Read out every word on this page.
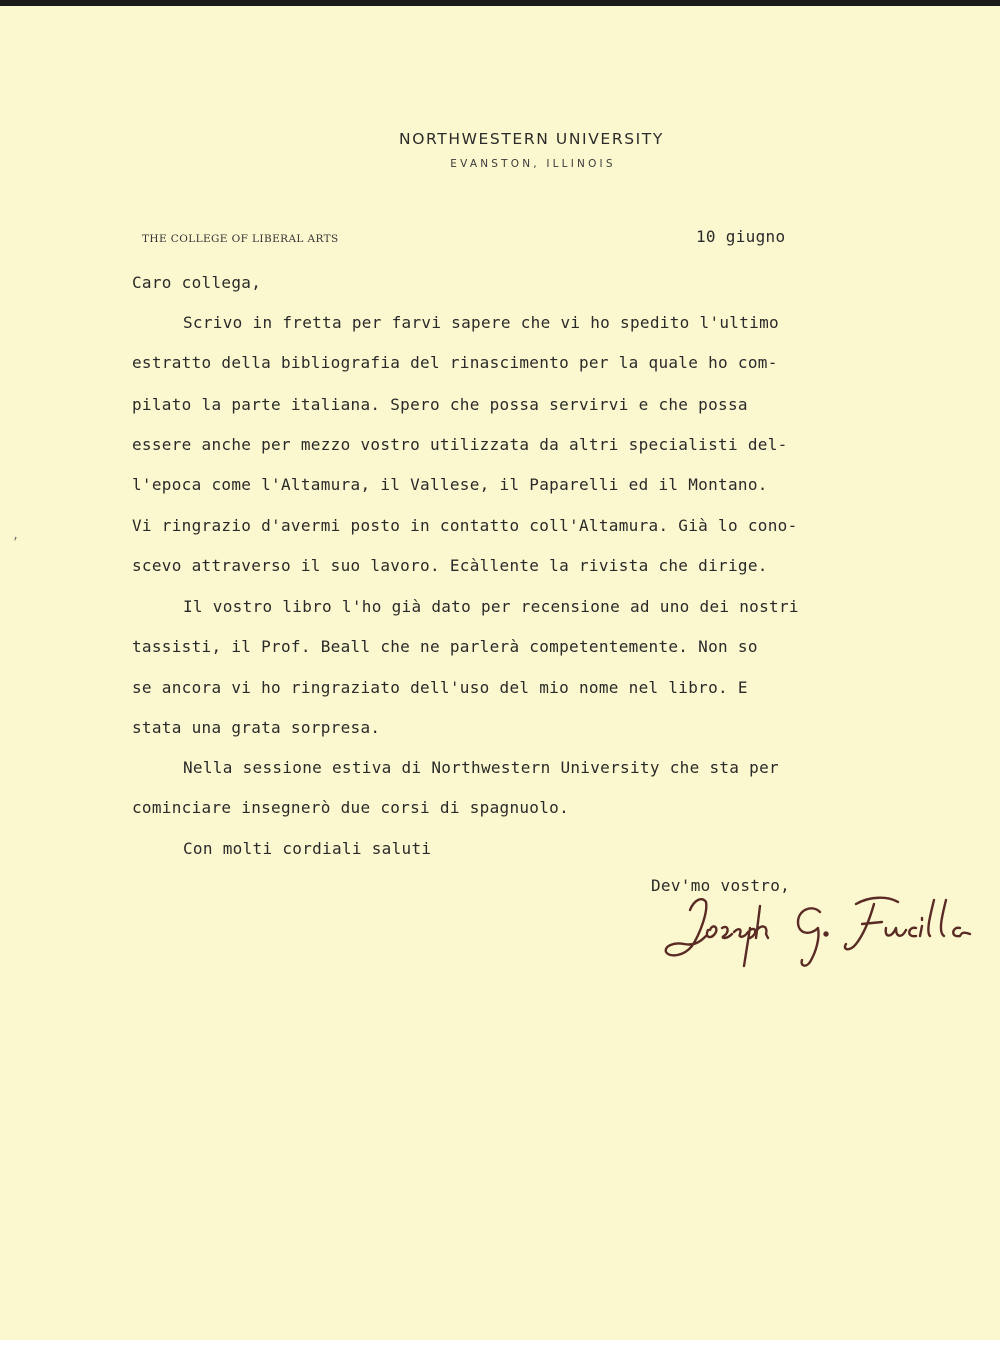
NORTHWESTERN UNIVERSITY
EVANSTON, ILLINOIS
THE COLLEGE OF LIBERAL ARTS	10 giugno
Caro collega,
Scrivo in fretta per farvi sapere che vi ho spedito l'ultimo
estratto della bibliografia del rinascimento per la quale ho com-
pilato la parte italiana. Spero che possa servirvi e che possa
essere anche per mezzo vostro utilizzata da altri specialisti del-
l'epoca come l'Altamura, il Vallese, il Paparelli ed il Montano.
Vi ringrazio d'avermi posto in contatto coll'Altamura. Già lo cono-
scevo attraverso il suo lavoro. Ecàllente la rivista che dirige.
Il vostro libro l'ho già dato per recensione ad uno dei nostri
tassisti, il Prof. Beall che ne parlerà competentemente. Non so
se ancora vi ho ringraziato dell'uso del mio nome nel libro. E
stata una grata sorpresa.
Nella sessione estiva di Northwestern University che sta per
cominciare insegnerò due corsi di spagnuolo.
Con molti cordiali saluti
Dev'mo vostro,
,
